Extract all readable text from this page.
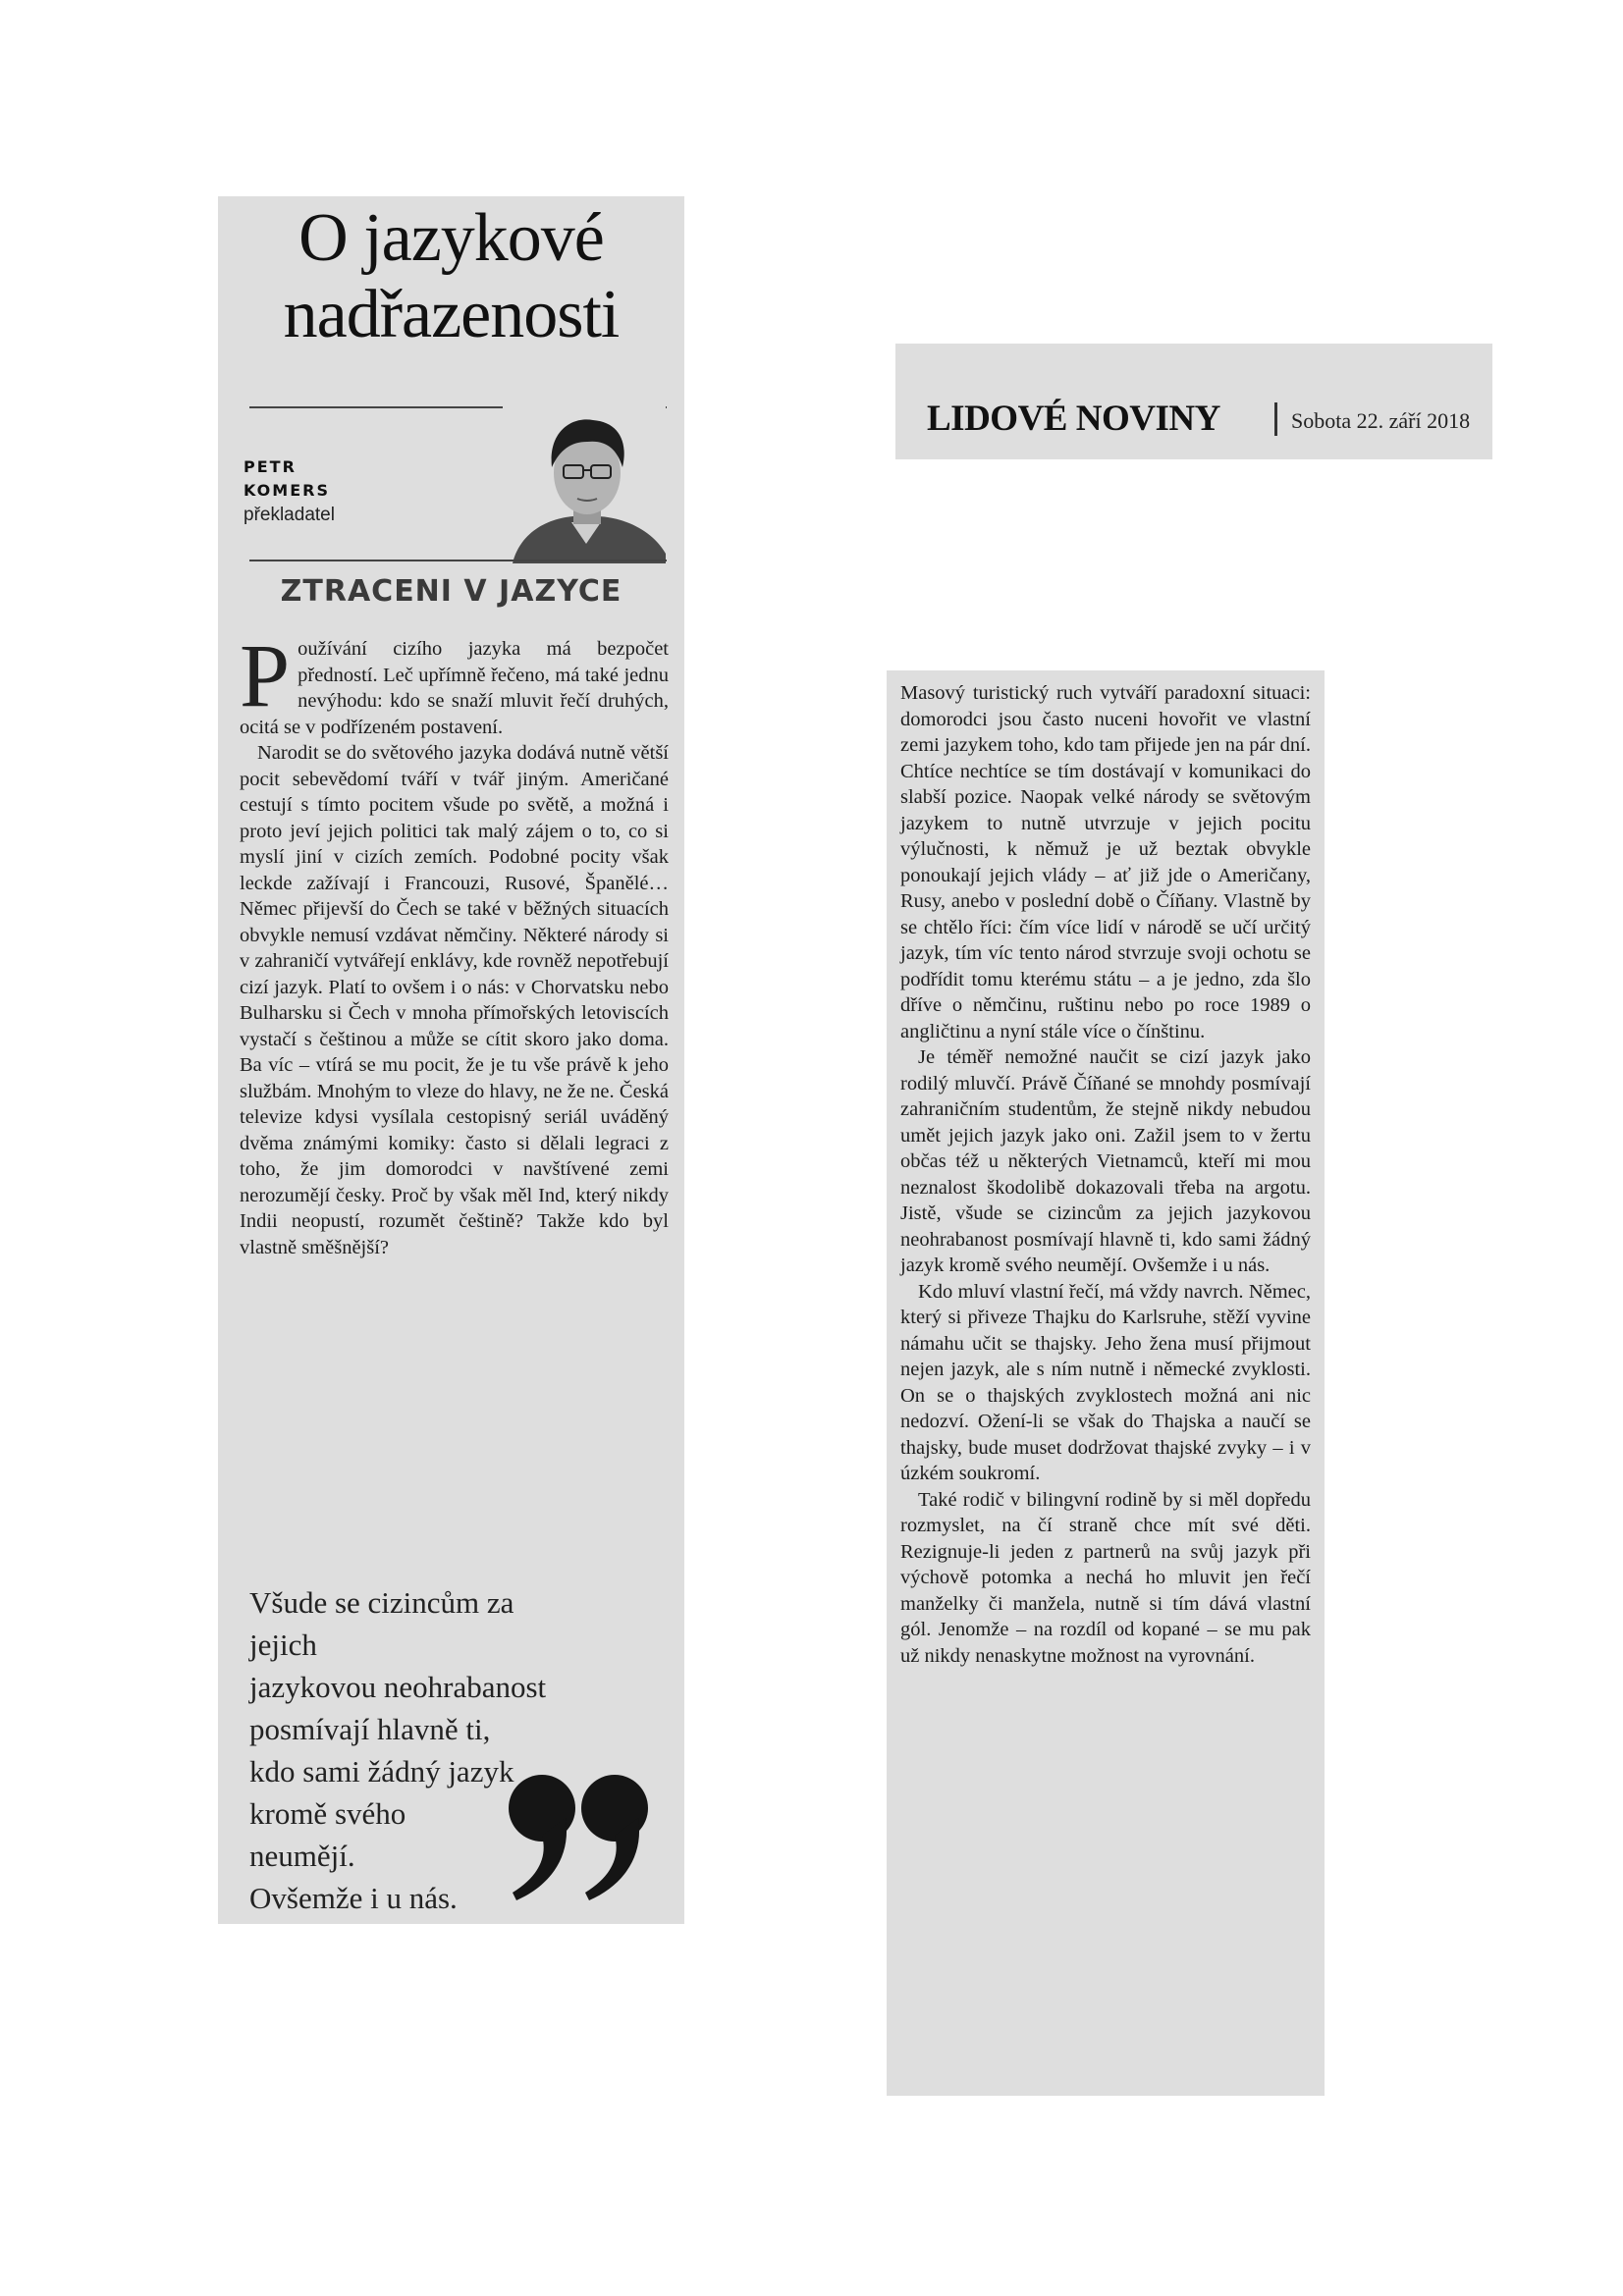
O jazykové nadřazenosti
PETR
KOMERS
překladatel
ZTRACENI V JAZYCE

Používání cizího jazyka má bezpočet předností. Leč upřímně řečeno, má také jednu nevýhodu: kdo se snaží mluvit řečí druhých, ocitá se v podřízeném postavení.

Narodit se do světového jazyka dodává nutně větší pocit sebevědomí tváří v tvář jiným. Američané cestují s tímto pocitem všude po světě, a možná i proto jeví jejich politici tak malý zájem o to, co si myslí jiní v cizích zemích. Podobné pocity však leckde zažívají i Francouzi, Rusové, Španělé… Němec přijevší do Čech se také v běžných situacích obvykle nemusí vzdávat němčiny. Některé národy si v zahraničí vytvářejí enklávy, kde rovněž nepotřebují cizí jazyk. Platí to ovšem i o nás: v Chorvatsku nebo Bulharsku si Čech v mnoha přímořských letoviscích vystačí s češtinou a může se cítit skoro jako doma. Ba víc – vtírá se mu pocit, že je tu vše právě k jeho službám. Mnohým to vleze do hlavy, ne že ne. Česká televize kdysi vysílala cestopisný seriál uváděný dvěma známými komiky: často si dělali legraci z toho, že jim domorodci v navštívené zemi nerozumějí česky. Proč by však měl Ind, který nikdy Indii neopustí, rozumět češtině? Takže kdo byl vlastně směšnější?

Všude se cizincům za jejich
jazykovou neohrabanost
posmívají hlavně ti,
kdo sami žádný jazyk
kromě svého
neumějí.
Ovšemže i u nás.
LIDOVÉ NOVINY	Sobota 22. září 2018

Masový turistický ruch vytváří paradoxní situaci: domorodci jsou často nuceni hovořit ve vlastní zemi jazykem toho, kdo tam přijede jen na pár dní. Chtíce nechtíce se tím dostávají v komunikaci do slabší pozice. Naopak velké národy se světovým jazykem to nutně utvrzuje v jejich pocitu výlučnosti, k němuž je už beztak obvykle ponoukají jejich vlády – ať již jde o Američany, Rusy, anebo v poslední době o Číňany. Vlastně by se chtělo říci: čím více lidí v národě se učí určitý jazyk, tím víc tento národ stvrzuje svoji ochotu se podřídit tomu kterému státu – a je jedno, zda šlo dříve o němčinu, ruštinu nebo po roce 1989 o angličtinu a nyní stále více o čínštinu.

Je téměř nemožné naučit se cizí jazyk jako rodilý mluvčí. Právě Číňané se mnohdy posmívají zahraničním studentům, že stejně nikdy nebudou umět jejich jazyk jako oni. Zažil jsem to v žertu občas též u některých Vietnamců, kteří mi mou neznalost škodolibě dokazovali třeba na argotu. Jistě, všude se cizincům za jejich jazykovou neohrabanost posmívají hlavně ti, kdo sami žádný jazyk kromě svého neumějí. Ovšemže i u nás.

Kdo mluví vlastní řečí, má vždy navrch. Němec, který si přiveze Thajku do Karlsruhe, stěží vyvine námahu učit se thajsky. Jeho žena musí přijmout nejen jazyk, ale s ním nutně i německé zvyklosti. On se o thajských zvyklostech možná ani nic nedozví. Ožení-li se však do Thajska a naučí se thajsky, bude muset dodržovat thajské zvyky – i v úzkém soukromí.

Také rodič v bilingvní rodině by si měl dopředu rozmyslet, na čí straně chce mít své děti. Rezignuje-li jeden z partnerů na svůj jazyk při výchově potomka a nechá ho mluvit jen řečí manželky či manžela, nutně si tím dává vlastní gól. Jenomže – na rozdíl od kopané – se mu pak už nikdy nenaskytne možnost na vyrovnání.
